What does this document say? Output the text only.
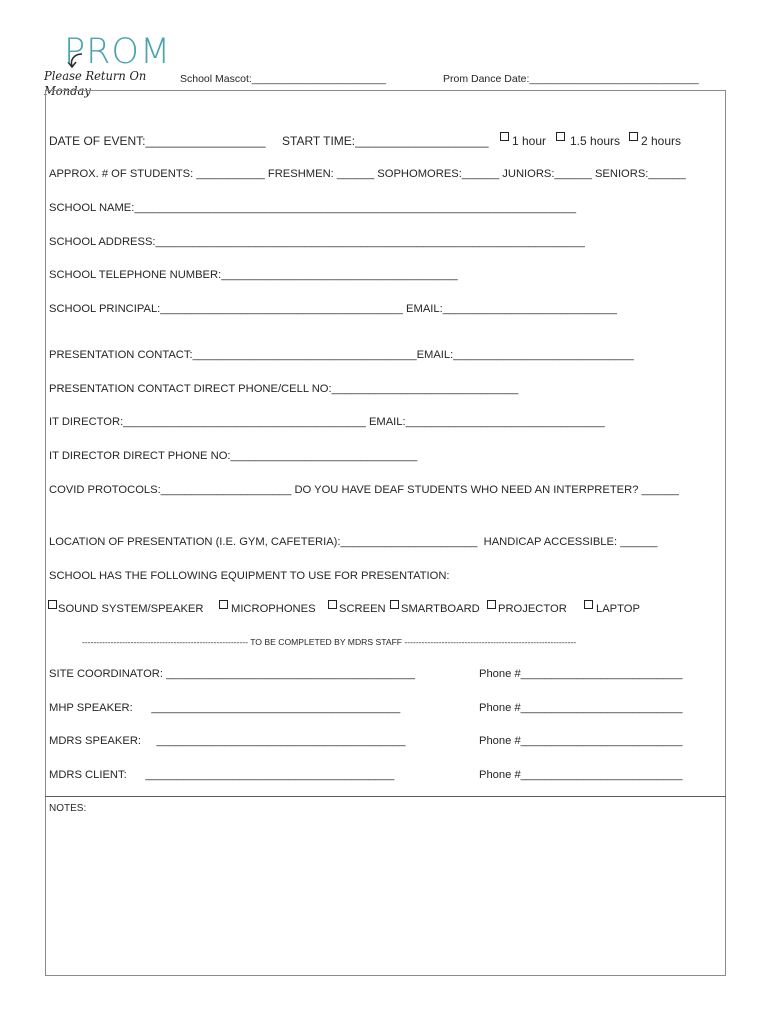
PROM
Please Return On Monday
School Mascot:_______________________	Prom Dance Date:_____________________________
DATE OF EVENT:__________________ START TIME:____________________ 1 hour 1.5 hours 2 hours
APPROX. # OF STUDENTS: ___________ FRESHMEN: ______ SOPHOMORES:______ JUNIORS:______ SENIORS:______
SCHOOL NAME:_______________________________________________________________________
SCHOOL ADDRESS:_____________________________________________________________________
SCHOOL TELEPHONE NUMBER:______________________________________
SCHOOL PRINCIPAL:_______________________________________ EMAIL:____________________________
PRESENTATION CONTACT:____________________________________EMAIL:_____________________________
PRESENTATION CONTACT DIRECT PHONE/CELL NO:______________________________
IT DIRECTOR:_______________________________________ EMAIL:________________________________
IT DIRECTOR DIRECT PHONE NO:______________________________
COVID PROTOCOLS:_____________________ DO YOU HAVE DEAF STUDENTS WHO NEED AN INTERPRETER? ______
LOCATION OF PRESENTATION (I.E. GYM, CAFETERIA):______________________  HANDICAP ACCESSIBLE: ______
SCHOOL HAS THE FOLLOWING EQUIPMENT TO USE FOR PRESENTATION:
SOUND SYSTEM/SPEAKER MICROPHONES SCREEN SMARTBOARD PROJECTOR	LAPTOP
---------------------------------------------------------- TO BE COMPLETED BY MDRS STAFF ------------------------------------------------------------
SITE COORDINATOR: ________________________________________	Phone #__________________________
MHP SPEAKER:      ________________________________________	Phone #__________________________
MDRS SPEAKER:     ________________________________________	Phone #__________________________
MDRS CLIENT:      ________________________________________	Phone #__________________________
NOTES:
